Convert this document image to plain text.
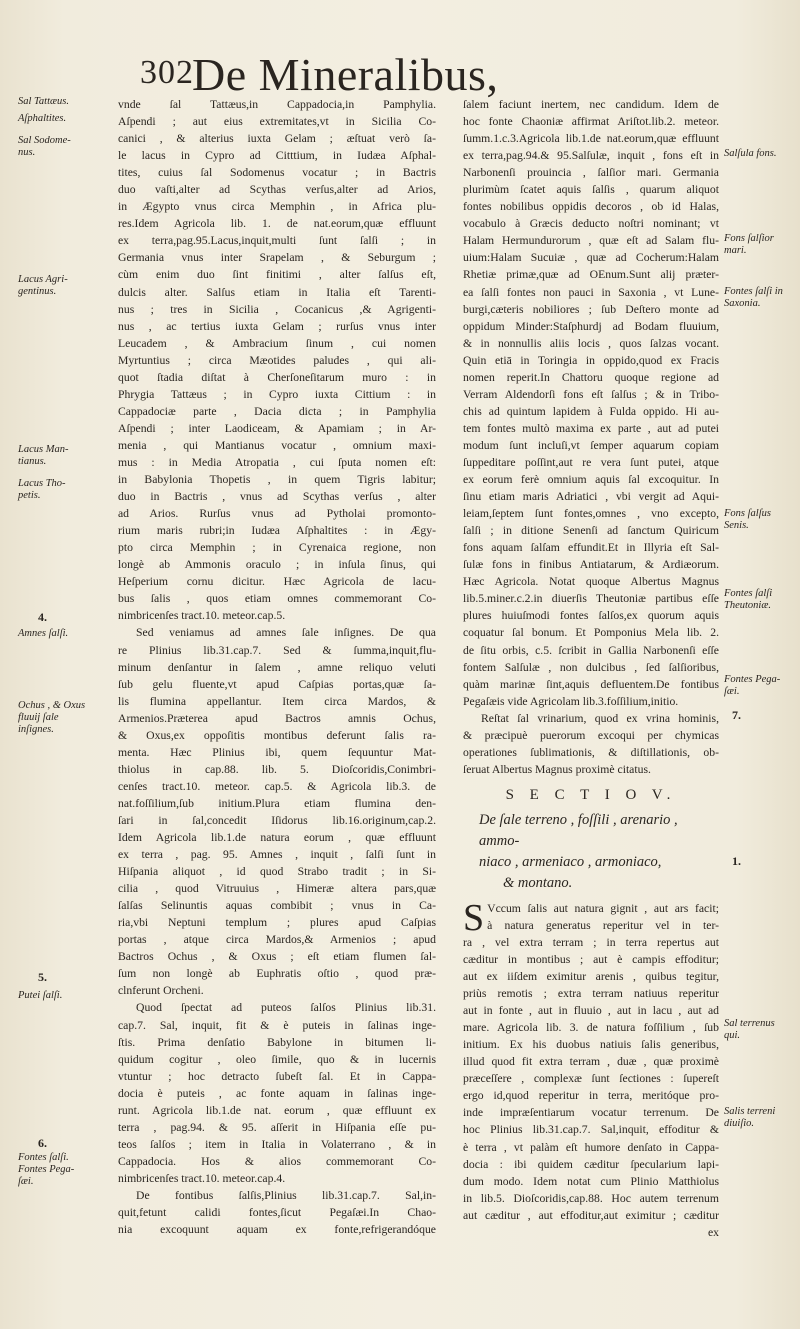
302
De Mineralibus,
Sal Tattæus.
Aſphaltites.
Sal Sodome-nus.
Lacus Agri-gentinus.
Lacus Man-tianus.
Lacus Tho-petis.
4.
Amnes ſalſi.
Ochus , & Oxus fluuij ſale inſignes.
5.
Putei ſalſi.
6.
Fontes ſalſi. Fontes Pega-ſæi.
vnde ſal Tattæus,in Cappadocia,in Pamphylia.
Aſpendi ; aut eius extremitates,vt in Sicilia Co-
canici , & alterius iuxta Gelam ; æſtuat verò ſa-
le lacus in Cypro ad Citttium, in Iudæa Aſphal-
tites, cuius ſal Sodomenus vocatur ; in Bactris
duo vaſti,alter ad Scythas verſus,alter ad Arios,
in Ægypto vnus circa Memphin , in Africa plu-
res.Idem Agricola lib. 1. de nat.eorum,quæ effluunt
ex terra,pag.95.Lacus,inquit,multi ſunt ſalſi ; in
Germania vnus inter Srapelam , & Seburgum ;
cùm enim duo ſint finitimi , alter ſalſus eſt,
dulcis alter. Salſus etiam in Italia eſt Tarenti-
nus ; tres in Sicilia , Cocanicus ,& Agrigenti-
nus , ac tertius iuxta Gelam ; rurſus vnus inter
Leucadem , & Ambracium ſinum , cui nomen
Myrtuntius ; circa Mæotides paludes , qui ali-
quot ſtadia diſtat à Cherſoneſitarum muro : in
Phrygia Tattæus ; in Cypro iuxta Cittium : in
Cappadociæ parte , Dacia dicta ; in Pamphylia
Aſpendi ; inter Laodiceam, & Apamiam ; in Ar-
menia , qui Mantianus vocatur , omnium maxi-
mus : in Media Atropatia , cui ſputa nomen eſt:
in Babylonia Thopetis , in quem Tigris labitur;
duo in Bactris , vnus ad Scythas verſus , alter
ad Arios. Rurſus vnus ad Pytholai promonto-
rium maris rubri;in Iudæa Aſphaltites : in Ægy-
pto circa Memphin ; in Cyrenaica regione, non
longè ab Ammonis oraculo ; in inſula ſinus, qui
Heſperium cornu dicitur. Hæc Agricola de lacu-
bus ſalis , quos etiam omnes commemorant Co-
nimbricenſes tract.10. meteor.cap.5.
Sed veniamus ad amnes ſale inſignes. De qua
re Plinius lib.31.cap.7. Sed & ſumma,inquit,flu-
minum denſantur in ſalem , amne reliquo veluti
ſub gelu fluente,vt apud Caſpias portas,quæ ſa-
lis flumina appellantur. Item circa Mardos, &
Armenios.Præterea apud Bactros amnis Ochus,
& Oxus,ex oppoſitis montibus deferunt ſalis ra-
menta. Hæc Plinius ibi, quem ſequuntur Mat-
thiolus in cap.88. lib. 5. Dioſcoridis,Conimbri-
cenſes tract.10. meteor. cap.5. & Agricola lib.3. de
nat.foſſilium,ſub initium.Plura etiam flumina den-
ſari in ſal,concedit Iſidorus lib.16.originum,cap.2.
Idem Agricola lib.1.de natura eorum , quæ effluunt
ex terra , pag. 95. Amnes , inquit , ſalſi ſunt in
Hiſpania aliquot , id quod Strabo tradit ; in Si-
cilia , quod Vitruuius , Himeræ altera pars,quæ
ſalſas Selinuntis aquas combibit ; vnus in Ca-
ria,vbi Neptuni templum ; plures apud Caſpias
portas , atque circa Mardos,& Armenios ; apud
Bactros Ochus , & Oxus ; eſt etiam flumen ſal-
ſum non longè ab Euphratis oſtio , quod præ-
clnferunt Orcheni.
Quod ſpectat ad puteos ſalſos Plinius lib.31.
cap.7. Sal, inquit, fit & è puteis in ſalinas inge-
ſtis. Prima denſatio Babylone in bitumen li-
quidum cogitur , oleo ſimile, quo & in lucernis
vtuntur ; hoc detracto ſubeſt ſal. Et in Cappa-
docia è puteis , ac fonte aquam in ſalinas inge-
runt. Agricola lib.1.de nat. eorum , quæ effluunt ex
terra , pag.94. & 95. aſſerit in Hiſpania eſſe pu-
teos ſalſos ; item in Italia in Volaterrano , & in
Cappadocia. Hos & alios commemorant Co-
nimbricenſes tract.10. meteor.cap.4.
De fontibus ſalſis,Plinius lib.31.cap.7. Sal,in-
quit,fetunt calidi fontes,ſicut Pegaſæi.In Chao-
nia excoquunt aquam ex fonte,refrigerandóque
ſalem faciunt inertem, nec candidum. Idem de
hoc fonte Chaoniæ affirmat Ariſtot.lib.2. meteor.
ſumm.1.c.3.Agricola lib.1.de nat.eorum,quæ effluunt
ex terra,pag.94.& 95.Salſulæ, inquit , fons eſt in
Narbonenſi prouincia , ſalſior mari. Germania
plurimùm ſcatet aquis ſalſis , quarum aliquot
fontes nobilibus oppidis decoros , ob id Halas,
vocabulo à Græcis deducto noſtri nominant; vt
Halam Hermundurorum , quæ eſt ad Salam flu-
uium:Halam Sucuiæ , quæ ad Cocherum:Halam
Rhetiæ primæ,quæ ad OEnum.Sunt alij præter-
ea ſalſi fontes non pauci in Saxonia , vt Lune-
burgi,cæteris nobiliores ; ſub Deſtero monte ad
oppidum Minder:Staſphurdj ad Bodam fluuium,
& in nonnullis aliis locis , quos ſalzas vocant.
Quin etiā in Toringia in oppido,quod ex Fracis
nomen reperit.In Chattoru quoque regione ad
Verram Aldendorſi fons eſt ſalſus ; & in Tribo-
chis ad quintum lapidem à Fulda oppido. Hi au-
tem fontes multò maxima ex parte , aut ad putei
modum ſunt incluſi,vt ſemper aquarum copiam
ſuppeditare poſſint,aut re vera ſunt putei, atque
ex eorum ferè omnium aquis ſal excoquitur. In
ſinu etiam maris Adriatici , vbi vergit ad Aqui-
leiam,ſeptem ſunt fontes,omnes , vno excepto,
ſalſi ; in ditione Senenſi ad ſanctum Quiricum
fons aquam ſalſam effundit.Et in Illyria eſt Sal-
ſulæ fons in finibus Antiatarum, & Ardiæorum.
Hæc Agricola. Notat quoque Albertus Magnus
lib.5.miner.c.2.in diuerſis Theutoniæ partibus eſſe
plures huiuſmodi fontes ſalſos,ex quorum aquis
coquatur ſal bonum. Et Pomponius Mela lib. 2.
de ſitu orbis, c.5. ſcribit in Gallia Narbonenſi eſſe
fontem Salſulæ , non dulcibus , ſed ſalſioribus,
quàm marinæ ſint,aquis defluentem.De fontibus
Pegaſæis vide Agricolam lib.3.foſſilium,initio.
Reſtat ſal vrinarium, quod ex vrina hominis,
& præcipuè puerorum excoqui per chymicas
operationes ſublimationis, & diſtillationis, ob-
ſeruat Albertus Magnus proximè citatus.
S E C T I O V.
De ſale terreno , foſſili , arenario , ammo-
niaco , armeniaco , armoniaco,
& montano.
S Vccum ſalis aut natura gignit , aut ars facit;
à natura generatus reperitur vel in ter-
ra , vel extra terram ; in terra repertus aut
cæditur in montibus ; aut è campis effoditur;
aut ex iiſdem eximitur arenis , quibus tegitur,
priùs remotis ; extra terram natiuus reperitur
aut in fonte , aut in fluuio , aut in lacu , aut ad
mare. Agricola lib. 3. de natura foſſilium , ſub
initium. Ex his duobus natiuis ſalis generibus,
illud quod fit extra terram , duæ , quæ proximè
præceſſere , complexæ ſunt ſectiones : ſupereſt
ergo id,quod reperitur in terra, meritóque pro-
inde impræſentiarum vocatur terrenum. De
hoc Plinius lib.31.cap.7. Sal,inquit, effoditur &
è terra , vt palàm eſt humore denſato in Cappa-
docia : ibi quidem cæditur ſpecularium lapi-
dum modo. Idem notat cum Plinio Matthiolus
in lib.5. Dioſcoridis,cap.88. Hoc autem terrenum
aut cæditur , aut effoditur,aut eximitur ; cæditur
ex
Salſula fons.
Fons ſalſior mari.
Fontes ſalſi in Saxonia.
Fons ſalſus Senis.
Fontes ſalſi Theutoniæ.
Fontes Pega-ſæi.
7.
1.
Sal terrenus qui.
Salis terreni diuiſio.
